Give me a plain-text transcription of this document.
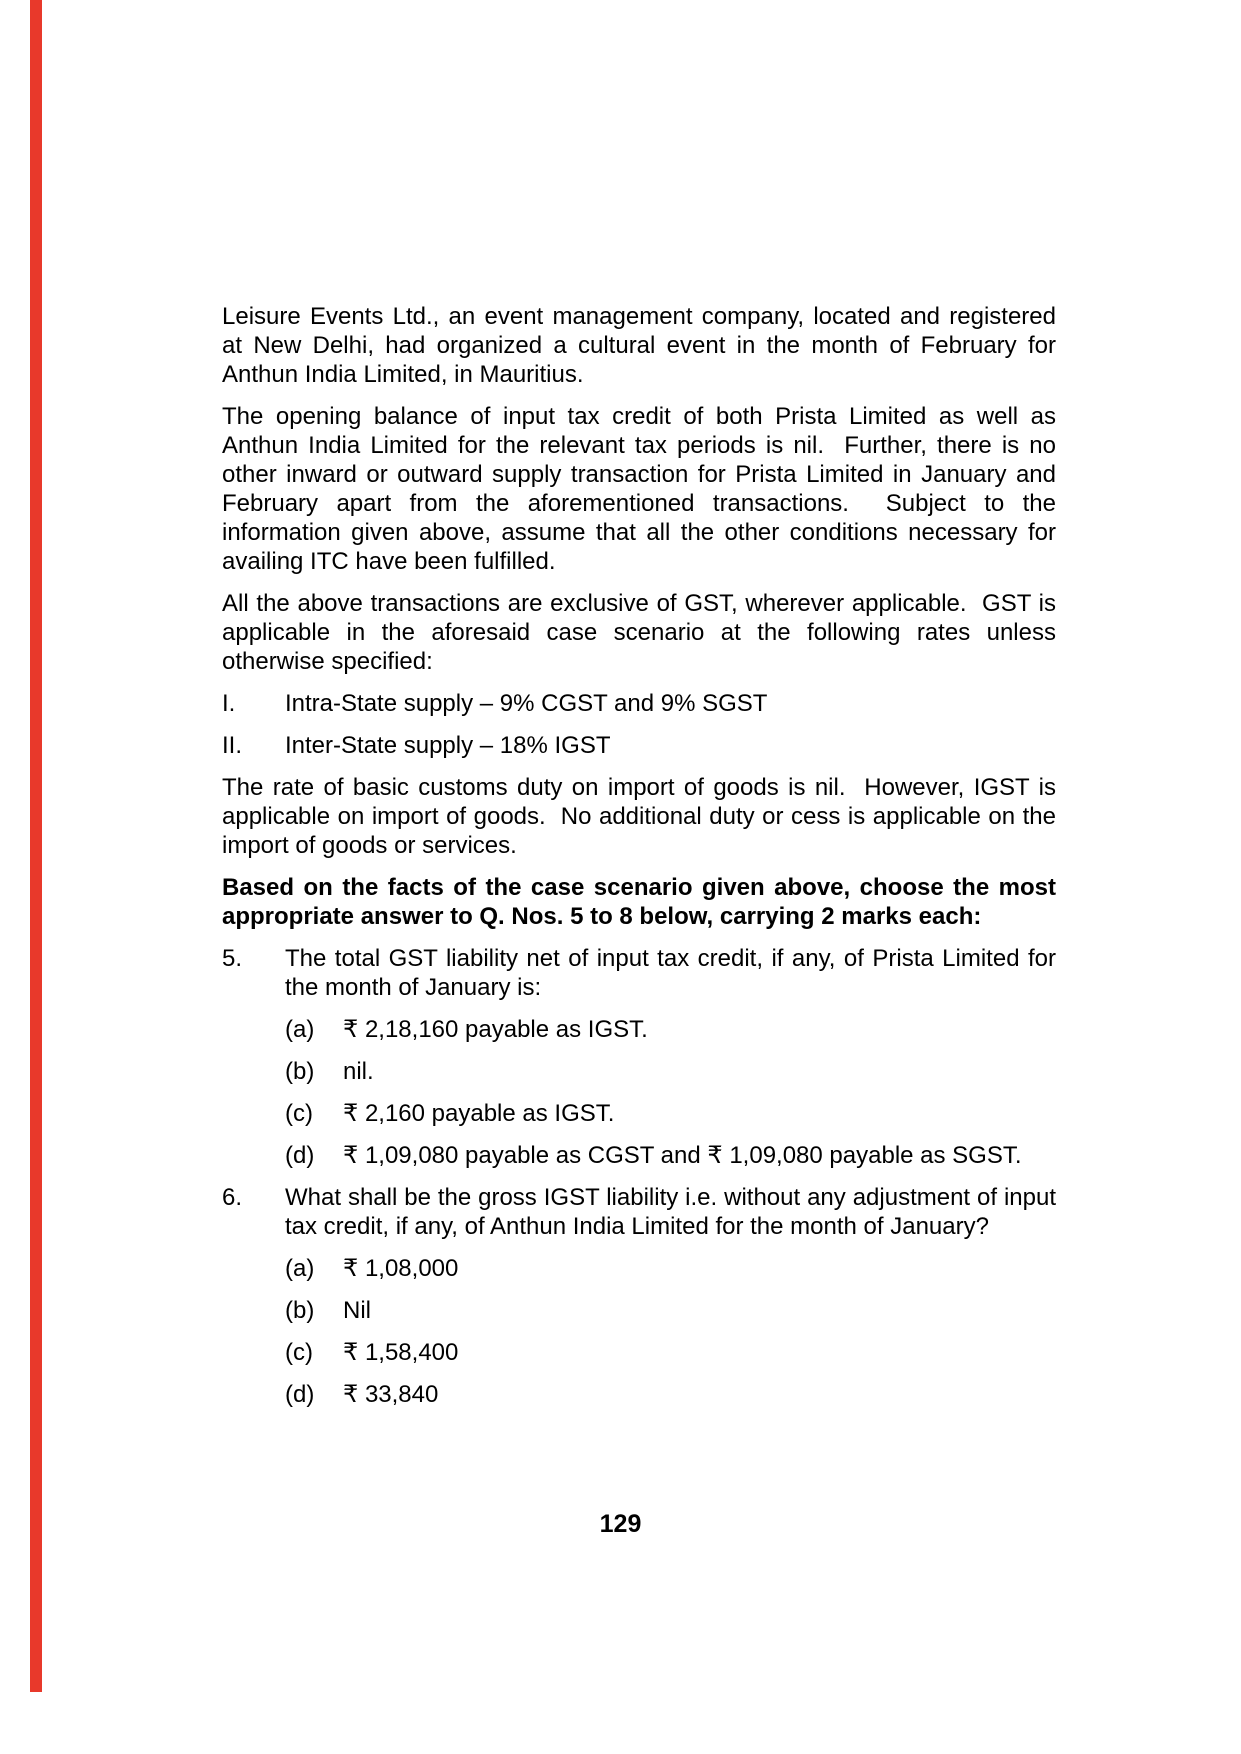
Leisure Events Ltd., an event management company, located and registered at New Delhi, had organized a cultural event in the month of February for Anthun India Limited, in Mauritius.

The opening balance of input tax credit of both Prista Limited as well as Anthun India Limited for the relevant tax periods is nil.  Further, there is no other inward or outward supply transaction for Prista Limited in January and February apart from the aforementioned transactions.  Subject to the information given above, assume that all the other conditions necessary for availing ITC have been fulfilled.

All the above transactions are exclusive of GST, wherever applicable.  GST is applicable in the aforesaid case scenario at the following rates unless otherwise specified:

I.	Intra-State supply – 9% CGST and 9% SGST
II.	Inter-State supply – 18% IGST

The rate of basic customs duty on import of goods is nil.  However, IGST is applicable on import of goods.  No additional duty or cess is applicable on the import of goods or services.

Based on the facts of the case scenario given above, choose the most appropriate answer to Q. Nos. 5 to 8 below, carrying 2 marks each:

5.	The total GST liability net of input tax credit, if any, of Prista Limited for the month of January is:
(a)	₹ 2,18,160 payable as IGST.
(b)	nil.
(c)	₹ 2,160 payable as IGST.
(d)	₹ 1,09,080 payable as CGST and ₹ 1,09,080 payable as SGST.
6.	What shall be the gross IGST liability i.e. without any adjustment of input tax credit, if any, of Anthun India Limited for the month of January?
(a)	₹ 1,08,000
(b)	Nil
(c)	₹ 1,58,400
(d)	₹ 33,840
129
